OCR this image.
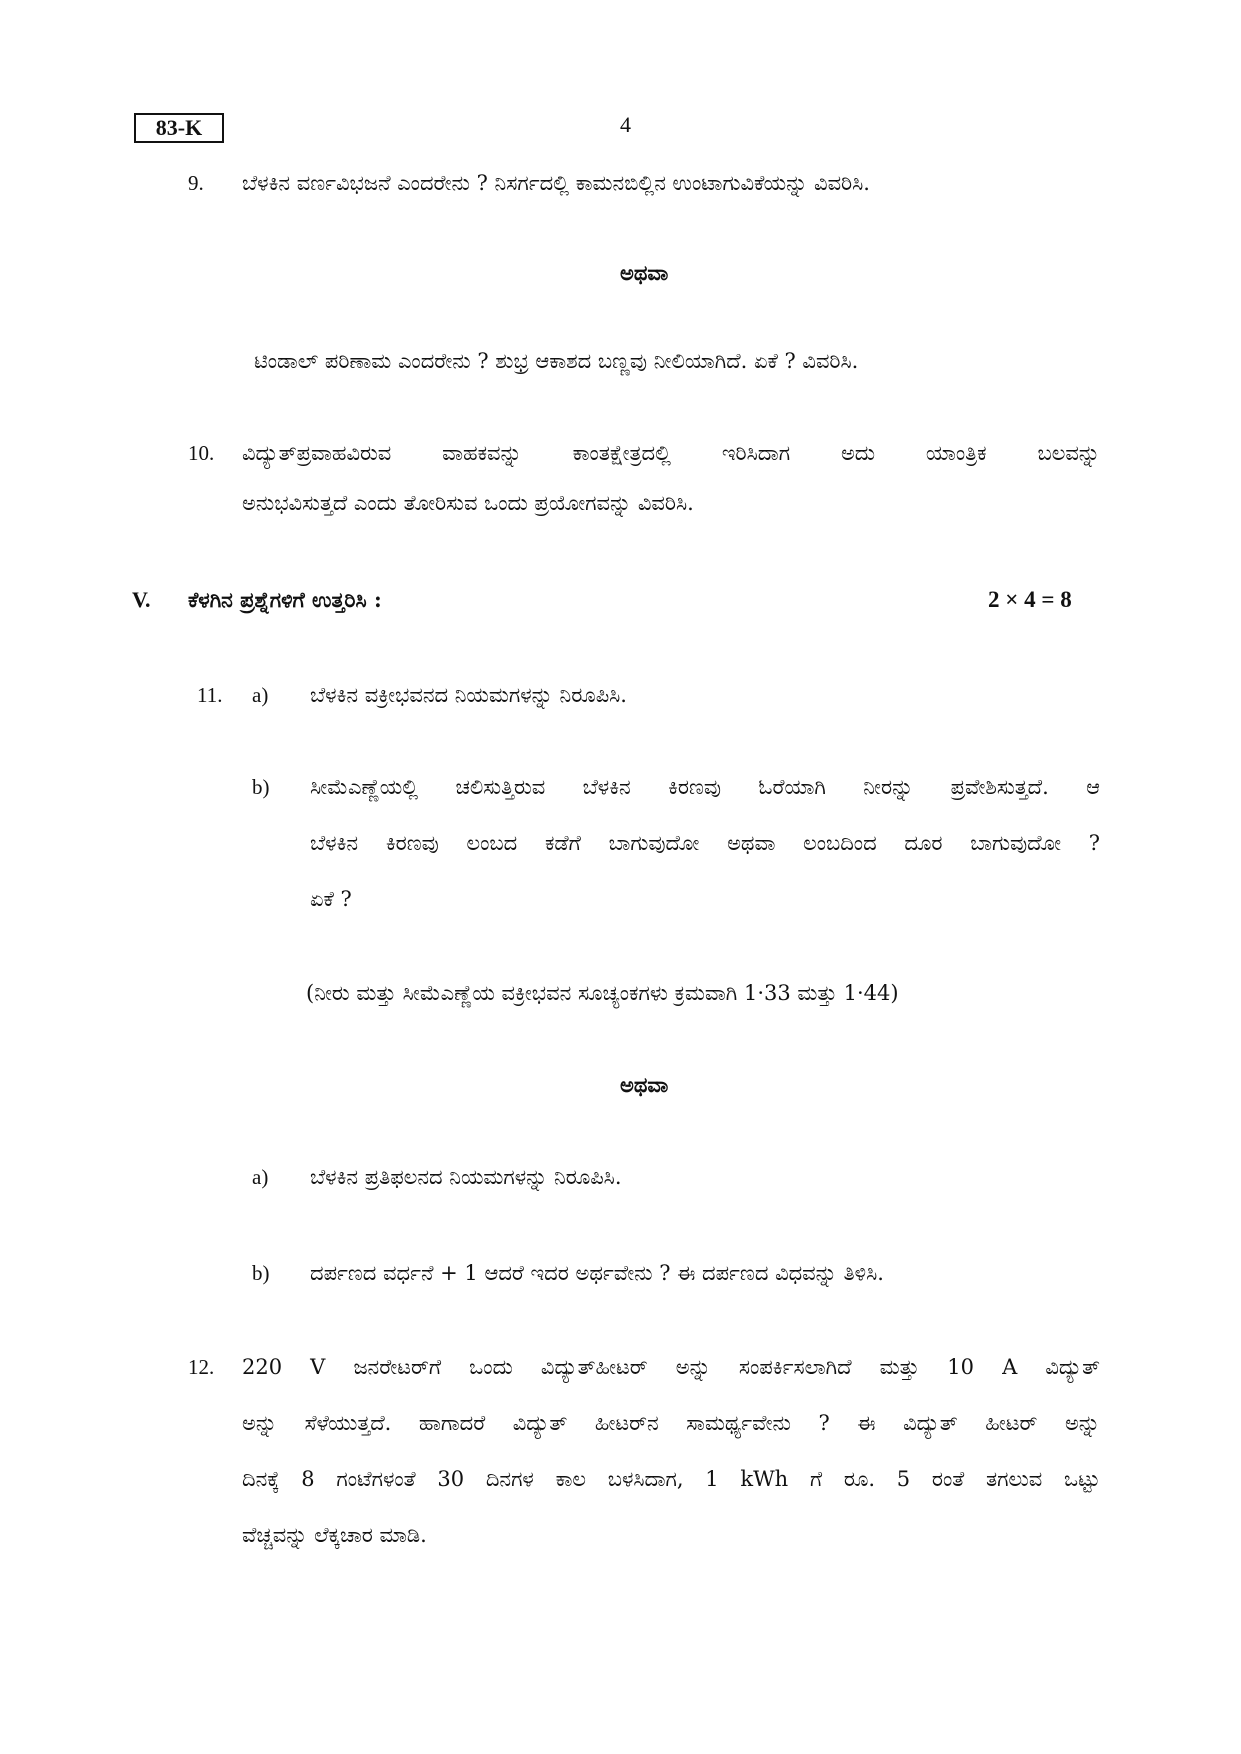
83-K	4
9. ಬೆಳಕಿನ ವರ್ಣವಿಭಜನೆ ಎಂದರೇನು ? ನಿಸರ್ಗದಲ್ಲಿ ಕಾಮನಬಿಲ್ಲಿನ ಉಂಟಾಗುವಿಕೆಯನ್ನು ವಿವರಿಸಿ.
ಅಥವಾ
ಟಿಂಡಾಲ್ ಪರಿಣಾಮ ಎಂದರೇನು ? ಶುಭ್ರ ಆಕಾಶದ ಬಣ್ಣವು ನೀಲಿಯಾಗಿದೆ. ಏಕೆ ? ವಿವರಿಸಿ.
10. ವಿದ್ಯುತ್‌ಪ್ರವಾಹವಿರುವ ವಾಹಕವನ್ನು ಕಾಂತಕ್ಷೇತ್ರದಲ್ಲಿ ಇರಿಸಿದಾಗ ಅದು ಯಾಂತ್ರಿಕ ಬಲವನ್ನು
ಅನುಭವಿಸುತ್ತದೆ ಎಂದು ತೋರಿಸುವ ಒಂದು ಪ್ರಯೋಗವನ್ನು ವಿವರಿಸಿ.
V. ಕೆಳಗಿನ ಪ್ರಶ್ನೆಗಳಿಗೆ ಉತ್ತರಿಸಿ :	2 × 4 = 8
11. a) ಬೆಳಕಿನ ವಕ್ರೀಭವನದ ನಿಯಮಗಳನ್ನು ನಿರೂಪಿಸಿ.
b) ಸೀಮೆಎಣ್ಣೆಯಲ್ಲಿ ಚಲಿಸುತ್ತಿರುವ ಬೆಳಕಿನ ಕಿರಣವು ಓರೆಯಾಗಿ ನೀರನ್ನು ಪ್ರವೇಶಿಸುತ್ತದೆ. ಆ
ಬೆಳಕಿನ ಕಿರಣವು ಲಂಬದ ಕಡೆಗೆ ಬಾಗುವುದೋ ಅಥವಾ ಲಂಬದಿಂದ ದೂರ ಬಾಗುವುದೋ ?
ಏಕೆ ?
(ನೀರು ಮತ್ತು ಸೀಮೆಎಣ್ಣೆಯ ವಕ್ರೀಭವನ ಸೂಚ್ಯಂಕಗಳು ಕ್ರಮವಾಗಿ 1·33 ಮತ್ತು 1·44)
ಅಥವಾ
a) ಬೆಳಕಿನ ಪ್ರತಿಫಲನದ ನಿಯಮಗಳನ್ನು ನಿರೂಪಿಸಿ.
b) ದರ್ಪಣದ ವರ್ಧನೆ + 1 ಆದರೆ ಇದರ ಅರ್ಥವೇನು ? ಈ ದರ್ಪಣದ ವಿಧವನ್ನು ತಿಳಿಸಿ.
12. 220 V ಜನರೇಟರ್‌ಗೆ ಒಂದು ವಿದ್ಯುತ್‌ಹೀಟರ್ ಅನ್ನು ಸಂಪರ್ಕಿಸಲಾಗಿದೆ ಮತ್ತು 10 A ವಿದ್ಯುತ್
ಅನ್ನು ಸೆಳೆಯುತ್ತದೆ. ಹಾಗಾದರೆ ವಿದ್ಯುತ್ ಹೀಟರ್‌ನ ಸಾಮರ್ಥ್ಯವೇನು ? ಈ ವಿದ್ಯುತ್ ಹೀಟರ್ ಅನ್ನು
ದಿನಕ್ಕೆ 8 ಗಂಟೆಗಳಂತೆ 30 ದಿನಗಳ ಕಾಲ ಬಳಸಿದಾಗ, 1 kWh ಗೆ ರೂ. 5 ರಂತೆ ತಗಲುವ ಒಟ್ಟು
ವೆಚ್ಚವನ್ನು ಲೆಕ್ಕಚಾರ ಮಾಡಿ.
